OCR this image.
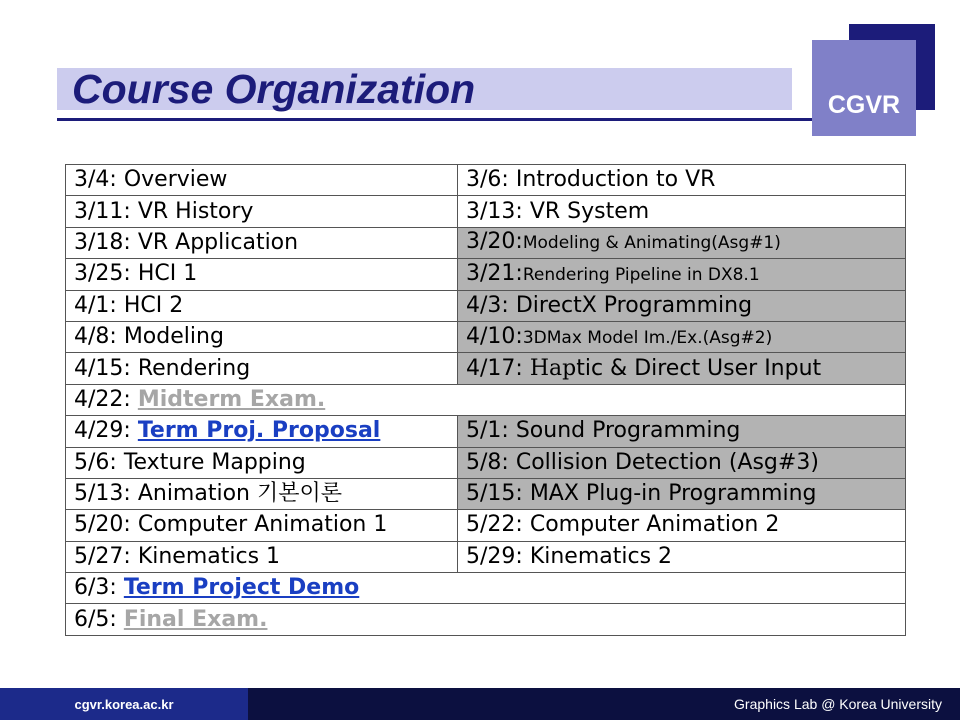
Course Organization	CGVR
3/4: Overview	3/6: Introduction to VR
3/11: VR History	3/13: VR System
3/18: VR Application	3/20:Modeling & Animating(Asg#1)
3/25: HCI 1	3/21:Rendering Pipeline in DX8.1
4/1: HCI 2	4/3: DirectX Programming
4/8: Modeling	4/10:3DMax Model Im./Ex.(Asg#2)
4/15: Rendering	4/17: Haptic & Direct User Input
4/22: Midterm Exam.	
4/29: Term Proj. Proposal	5/1: Sound Programming
5/6: Texture Mapping	5/8: Collision Detection (Asg#3)
5/13: Animation 기본이론	5/15: MAX Plug-in Programming
5/20: Computer Animation 1	5/22: Computer Animation 2
5/27: Kinematics 1	5/29: Kinematics 2
6/3: Term Project Demo	
6/5: Final Exam.	
cgvr.korea.ac.kr	Graphics Lab @ Korea University
